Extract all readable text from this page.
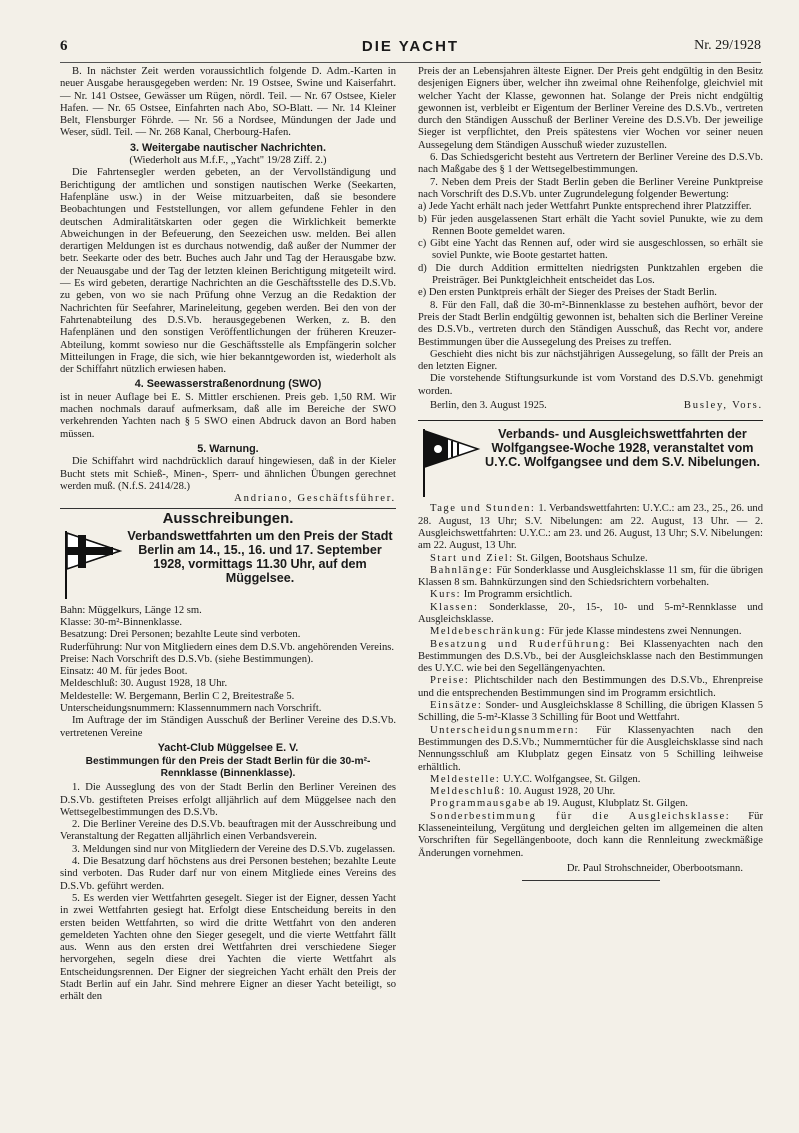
6	DIE YACHT	Nr. 29/1928

B. In nächster Zeit werden voraussichtlich folgende D. Adm.-Karten in neuer Ausgabe herausgegeben werden: Nr. 19 Ostsee, Swine und Kaiserfahrt. — Nr. 141 Ostsee, Gewässer um Rügen, nördl. Teil. — Nr. 67 Ostsee, Kieler Hafen. — Nr. 65 Ostsee, Einfahrten nach Abo, SO-Blatt. — Nr. 14 Kleiner Belt, Flensburger Föhrde. — Nr. 56 a Nordsee, Mündungen der Jade und Weser, südl. Teil. — Nr. 268 Kanal, Cherbourg-Hafen.

3. Weitergabe nautischer Nachrichten.
(Wiederholt aus M.f.F., „Yacht" 19/28 Ziff. 2.)

Die Fahrtensegler werden gebeten, an der Vervollständigung und Berichtigung der amtlichen und sonstigen nautischen Werke (Seekarten, Hafenpläne usw.) in der Weise mitzuarbeiten, daß sie besondere Beobachtungen und Feststellungen, vor allem gefundene Fehler in den deutschen Admiralitätskarten oder gegen die Wirklichkeit bemerkte Abweichungen in der Befeuerung, den Seezeichen usw. melden. Bei allen derartigen Meldungen ist es durchaus notwendig, daß außer der Nummer der betr. Seekarte oder des betr. Buches auch Jahr und Tag der Herausgabe bzw. der Neuausgabe und der Tag der letzten kleinen Berichtigung mitgeteilt wird. — Es wird gebeten, derartige Nachrichten an die Geschäftsstelle des D.S.Vb. zu geben, von wo sie nach Prüfung ohne Verzug an die Redaktion der Nachrichten für Seefahrer, Marineleitung, gegeben werden. Bei den von der Fahrtenabteilung des D.S.Vb. herausgegebenen Werken, z. B. den Hafenplänen und den sonstigen Veröffentlichungen der früheren Kreuzer-Abteilung, kommt sowieso nur die Geschäftsstelle als Empfängerin solcher Mitteilungen in Frage, die sich, wie hier bekanntgeworden ist, wiederholt als der Schiffahrt nützlich erwiesen haben.

4. Seewasserstraßenordnung (SWO)

ist in neuer Auflage bei E. S. Mittler erschienen. Preis geb. 1,50 RM. Wir machen nochmals darauf aufmerksam, daß alle im Bereiche der SWO verkehrenden Yachten nach § 5 SWO einen Abdruck davon an Bord haben müssen.

5. Warnung.

Die Schiffahrt wird nachdrücklich darauf hingewiesen, daß in der Kieler Bucht stets mit Schieß-, Minen-, Sperr- und ähnlichen Übungen gerechnet werden muß. (N.f.S. 2414/28.)

Andriano, Geschäftsführer.
Ausschreibungen.
Verbandswettfahrten um den Preis der Stadt Berlin am 14., 15., 16. und 17. September 1928, vormittags 11.30 Uhr, auf dem Müggelsee.

Bahn: Müggelkurs, Länge 12 sm.

Klasse: 30-m²-Binnenklasse.

Besatzung: Drei Personen; bezahlte Leute sind verboten.

Ruderführung: Nur von Mitgliedern eines dem D.S.Vb. angehörenden Vereins.

Preise: Nach Vorschrift des D.S.Vb. (siehe Bestimmungen).

Einsatz: 40 M. für jedes Boot.

Meldeschluß: 30. August 1928, 18 Uhr.

Meldestelle: W. Bergemann, Berlin C 2, Breitestraße 5.

Unterscheidungsnummern: Klassennummern nach Vorschrift.

Im Auftrage der im Ständigen Ausschuß der Berliner Vereine des D.S.Vb. vertretenen Vereine

Yacht-Club Müggelsee E. V.
Bestimmungen für den Preis der Stadt Berlin für die 30-m²-Rennklasse (Binnenklasse).

1. Die Ausseglung des von der Stadt Berlin den Berliner Vereinen des D.S.Vb. gestifteten Preises erfolgt alljährlich auf dem Müggelsee nach den Wettsegelbestimmungen des D.S.Vb.

2. Die Berliner Vereine des D.S.Vb. beauftragen mit der Ausschreibung und Veranstaltung der Regatten alljährlich einen Verbandsverein.

3. Meldungen sind nur von Mitgliedern der Vereine des D.S.Vb. zugelassen.

4. Die Besatzung darf höchstens aus drei Personen bestehen; bezahlte Leute sind verboten. Das Ruder darf nur von einem Mitgliede eines Vereins des D.S.Vb. geführt werden.

5. Es werden vier Wettfahrten gesegelt. Sieger ist der Eigner, dessen Yacht in zwei Wettfahrten gesiegt hat. Erfolgt diese Entscheidung bereits in den ersten beiden Wettfahrten, so wird die dritte Wettfahrt von den anderen gemeldeten Yachten ohne den Sieger gesegelt, und die vierte Wettfahrt fällt aus. Wenn aus den ersten drei Wettfahrten drei verschiedene Sieger hervorgehen, segeln diese drei Yachten die vierte Wettfahrt als Entscheidungsrennen. Der Eigner der siegreichen Yacht erhält den Preis der Stadt Berlin auf ein Jahr. Sind mehrere Eigner an dieser Yacht beteiligt, so erhält den

Preis der an Lebensjahren älteste Eigner. Der Preis geht endgültig in den Besitz desjenigen Eigners über, welcher ihn zweimal ohne Reihenfolge, gleichviel mit welcher Yacht der Klasse, gewonnen hat. Solange der Preis nicht endgültig gewonnen ist, verbleibt er Eigentum der Berliner Vereine des D.S.Vb., vertreten durch den Ständigen Ausschuß der Berliner Vereine des D.S.Vb. Der jeweilige Sieger ist verpflichtet, den Preis spätestens vier Wochen vor seiner neuen Aussegelung dem Ständigen Ausschuß wieder zuzustellen.

6. Das Schiedsgericht besteht aus Vertretern der Berliner Vereine des D.S.Vb. nach Maßgabe des § 1 der Wettsegelbestimmungen.

7. Neben dem Preis der Stadt Berlin geben die Berliner Vereine Punktpreise nach Vorschrift des D.S.Vb. unter Zugrundelegung folgender Bewertung:

a) Jede Yacht erhält nach jeder Wettfahrt Punkte entsprechend ihrer Platzziffer.

b) Für jeden ausgelassenen Start erhält die Yacht soviel Punukte, wie zu dem Rennen Boote gemeldet waren.

c) Gibt eine Yacht das Rennen auf, oder wird sie ausgeschlossen, so erhält sie soviel Punkte, wie Boote gestartet hatten.

d) Die durch Addition ermittelten niedrigsten Punktzahlen ergeben die Preisträger. Bei Punktgleichheit entscheidet das Los.

e) Den ersten Punktpreis erhält der Sieger des Preises der Stadt Berlin.

8. Für den Fall, daß die 30-m²-Binnenklasse zu bestehen aufhört, bevor der Preis der Stadt Berlin endgültig gewonnen ist, behalten sich die Berliner Vereine des D.S.Vb., vertreten durch den Ständigen Ausschuß, das Recht vor, andere Bestimmungen über die Aussegelung des Preises zu treffen.

Geschieht dies nicht bis zur nächstjährigen Aussegelung, so fällt der Preis an den letzten Eigner.

Die vorstehende Stiftungsurkunde ist vom Vorstand des D.S.Vb. genehmigt worden.

Berlin, den 3. August 1925.	Busley, Vors.
Verbands- und Ausgleichswettfahrten der Wolfgangsee-Woche 1928, veranstaltet vom U.Y.C. Wolfgangsee und dem S.V. Nibelungen.

Tage und Stunden: 1. Verbandswettfahrten: U.Y.C.: am 23., 25., 26. und 28. August, 13 Uhr; S.V. Nibelungen: am 22. August, 13 Uhr. — 2. Ausgleichswettfahrten: U.Y.C.: am 23. und 26. August, 13 Uhr; S.V. Nibelungen: am 22. August, 13 Uhr.

Start und Ziel: St. Gilgen, Bootshaus Schulze.

Bahnlänge: Für Sonderklasse und Ausgleichsklasse 11 sm, für die übrigen Klassen 8 sm. Bahnkürzungen sind den Schiedsrichtern vorbehalten.

Kurs: Im Programm ersichtlich.

Klassen: Sonderklasse, 20-, 15-, 10- und 5-m²-Rennklasse und Ausgleichsklasse.

Meldebeschränkung: Für jede Klasse mindestens zwei Nennungen.

Besatzung und Ruderführung: Bei Klassenyachten nach den Bestimmungen des D.S.Vb., bei der Ausgleichsklasse nach den Bestimmungen des U.Y.C. wie bei den Segellängenyachten.

Preise: Plichtschilder nach den Bestimmungen des D.S.Vb., Ehrenpreise und die entsprechenden Bestimmungen sind im Programm ersichtlich.

Einsätze: Sonder- und Ausgleichsklasse 8 Schilling, die übrigen Klassen 5 Schilling, die 5-m²-Klasse 3 Schilling für Boot und Wettfahrt.

Unterscheidungsnummern: Für Klassenyachten nach den Bestimmungen des D.S.Vb.; Nummerntücher für die Ausgleichsklasse sind nach Nennungsschluß am Klubplatz gegen Einsatz von 5 Schilling leihweise erhältlich.

Meldestelle: U.Y.C. Wolfgangsee, St. Gilgen.

Meldeschluß: 10. August 1928, 20 Uhr.

Programmausgabe ab 19. August, Klubplatz St. Gilgen.

Sonderbestimmung für die Ausgleichsklasse: Für Klasseneinteilung, Vergütung und dergleichen gelten im allgemeinen die alten Vorschriften für Segellängenboote, doch kann die Rennleitung zweckmäßige Änderungen vornehmen.

Dr. Paul Strohschneider, Oberbootsmann.
